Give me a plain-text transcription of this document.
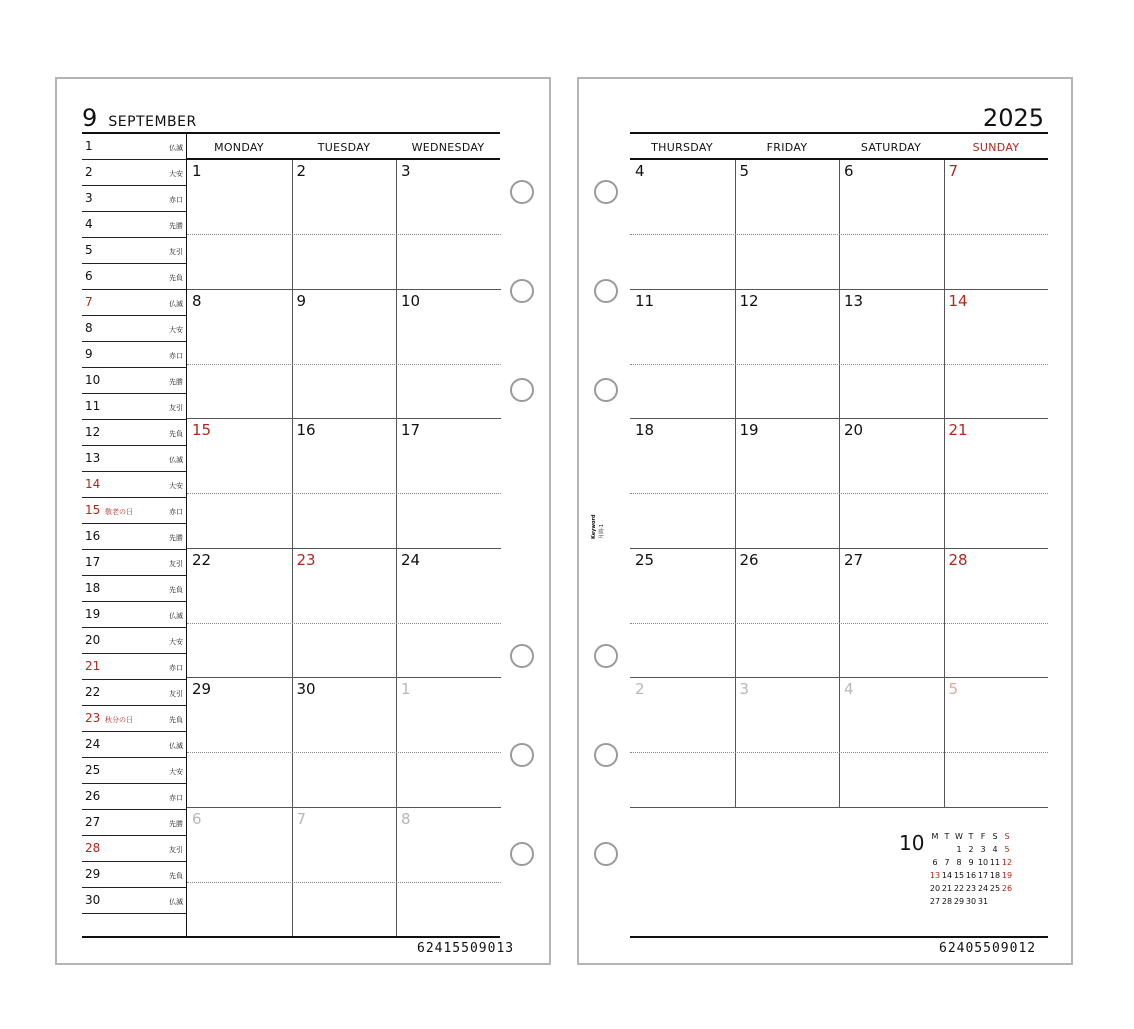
9 SEPTEMBER
MONDAY	TUESDAY	WEDNESDAY
1	仏滅
2	大安
3	赤口
4	先勝
5	友引
6	先負
7	仏滅
8	大安
9	赤口
10	先勝
11	友引
12	先負
13	仏滅
14	大安
15 敬老の日	赤口
16	先勝
17	友引
18	先負
19	仏滅
20	大安
21	赤口
22	友引
23 秋分の日	先負
24	仏滅
25	大安
26	赤口
27	先勝
28	友引
29	先負
30	仏滅
1	2	3
8	9	10
15	16	17
22	23	24
29	30	1
6	7	8
62415509013
2025
THURSDAY	FRIDAY	SATURDAY	SUNDAY
4	5	6	7
11	12	13	14
18	19	20	21
25	26	27	28
2	3	4	5
Keyword 月間-1
10 M	T	W	T	F	S	S
		1	2	3	4	5
6	7	8	9	10	11	12
13	14	15	16	17	18	19
20	21	22	23	24	25	26
27	28	29	30	31		
62405509012
